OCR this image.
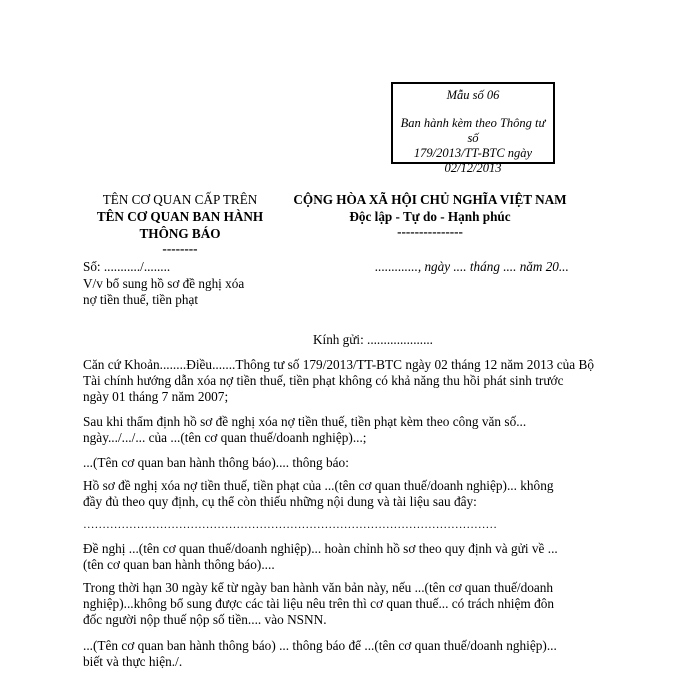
Mẫu số 06
Ban hành kèm theo Thông tư số
179/2013/TT-BTC ngày
02/12/2013
TÊN CƠ QUAN CẤP TRÊN
TÊN CƠ QUAN BAN HÀNH
THÔNG BÁO
--------
CỘNG HÒA XÃ HỘI CHỦ NGHĨA VIỆT NAM
Độc lập - Tự do - Hạnh phúc
---------------
Số: .........../........	............., ngày .... tháng .... năm 20...
V/v bổ sung hồ sơ đề nghị xóa
nợ tiền thuế, tiền phạt
Kính gửi: ....................
Căn cứ Khoản........Điều.......Thông tư số 179/2013/TT-BTC ngày 02 tháng 12 năm 2013 của Bộ
Tài chính hướng dẫn xóa nợ tiền thuế, tiền phạt không có khả năng thu hồi phát sinh trước
ngày 01 tháng 7 năm 2007;
Sau khi thẩm định hồ sơ đề nghị xóa nợ tiền thuế, tiền phạt kèm theo công văn số...
ngày.../.../... của ...(tên cơ quan thuế/doanh nghiệp)...;
...(Tên cơ quan ban hành thông báo).... thông báo:
Hồ sơ đề nghị xóa nợ tiền thuế, tiền phạt của ...(tên cơ quan thuế/doanh nghiệp)... không
đầy đủ theo quy định, cụ thể còn thiếu những nội dung và tài liệu sau đây:
………………………………………………………………………………………………
Đề nghị ...(tên cơ quan thuế/doanh nghiệp)... hoàn chỉnh hồ sơ theo quy định và gửi về ...
(tên cơ quan ban hành thông báo)....
Trong thời hạn 30 ngày kể từ ngày ban hành văn bản này, nếu ...(tên cơ quan thuế/doanh
nghiệp)...không bổ sung được các tài liệu nêu trên thì cơ quan thuế... có trách nhiệm đôn
đốc người nộp thuế nộp số tiền.... vào NSNN.
...(Tên cơ quan ban hành thông báo) ... thông báo để ...(tên cơ quan thuế/doanh nghiệp)...
biết và thực hiện./.
